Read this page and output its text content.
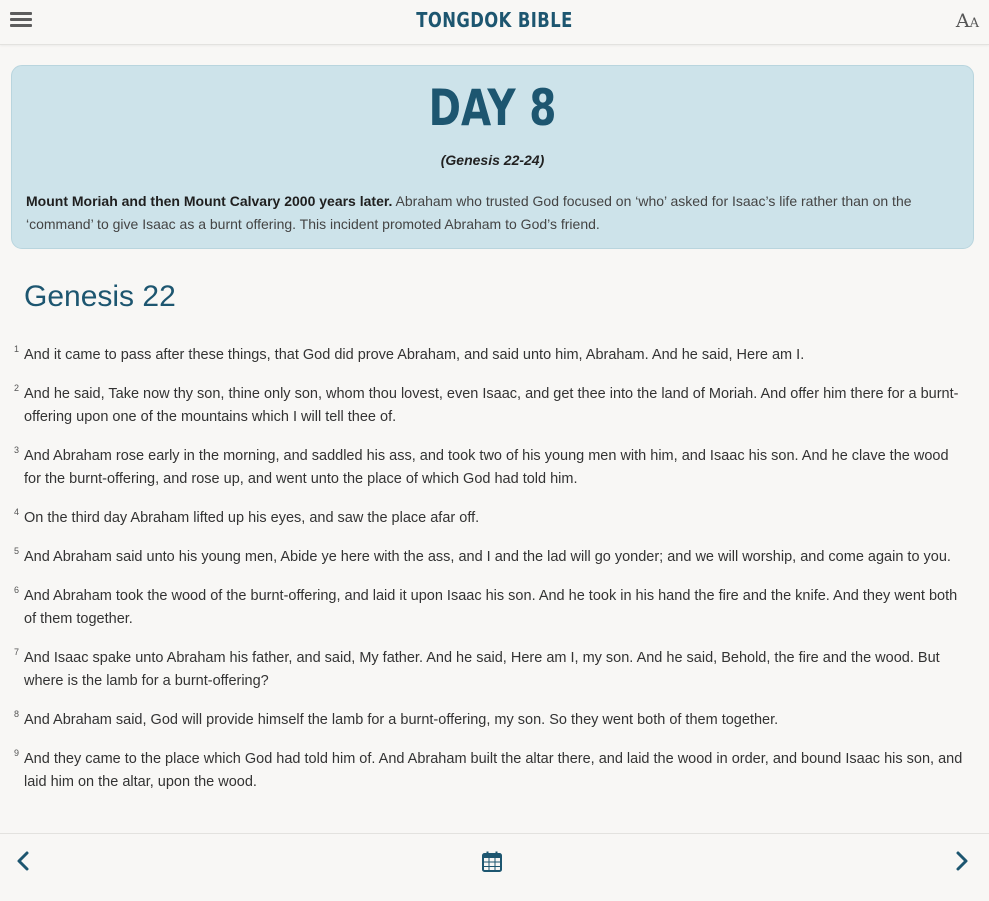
TONGDOK BIBLE	AA
DAY 8
(Genesis 22-24)
Mount Moriah and then Mount Calvary 2000 years later. Abraham who trusted God focused on ‘who’ asked for Isaac’s life rather than on the ‘command’ to give Isaac as a burnt offering. This incident promoted Abraham to God’s friend.
Genesis 22
1 And it came to pass after these things, that God did prove Abraham, and said unto him, Abraham. And he said, Here am I.
2 And he said, Take now thy son, thine only son, whom thou lovest, even Isaac, and get thee into the land of Moriah. And offer him there for a burnt-offering upon one of the mountains which I will tell thee of.
3 And Abraham rose early in the morning, and saddled his ass, and took two of his young men with him, and Isaac his son. And he clave the wood for the burnt-offering, and rose up, and went unto the place of which God had told him.
4 On the third day Abraham lifted up his eyes, and saw the place afar off.
5 And Abraham said unto his young men, Abide ye here with the ass, and I and the lad will go yonder; and we will worship, and come again to you.
6 And Abraham took the wood of the burnt-offering, and laid it upon Isaac his son. And he took in his hand the fire and the knife. And they went both of them together.
7 And Isaac spake unto Abraham his father, and said, My father. And he said, Here am I, my son. And he said, Behold, the fire and the wood. But where is the lamb for a burnt-offering?
8 And Abraham said, God will provide himself the lamb for a burnt-offering, my son. So they went both of them together.
9 And they came to the place which God had told him of. And Abraham built the altar there, and laid the wood in order, and bound Isaac his son, and laid him on the altar, upon the wood.
